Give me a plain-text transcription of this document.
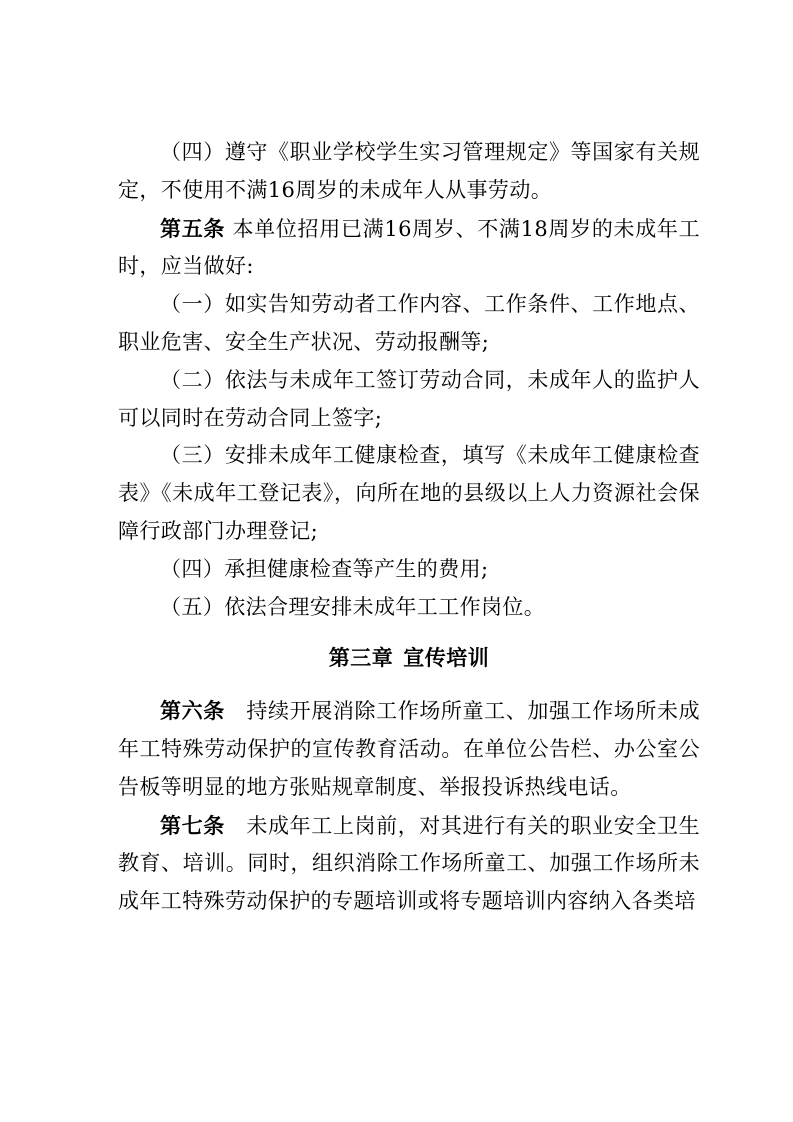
（四）遵守《职业学校学生实习管理规定》等国家有关规定，不使用不满16周岁的未成年人从事劳动。

第五条 本单位招用已满16周岁、不满18周岁的未成年工时，应当做好:

（一）如实告知劳动者工作内容、工作条件、工作地点、职业危害、安全生产状况、劳动报酬等;

（二）依法与未成年工签订劳动合同，未成年人的监护人可以同时在劳动合同上签字;

（三）安排未成年工健康检查，填写《未成年工健康检查表》《未成年工登记表》，向所在地的县级以上人力资源社会保障行政部门办理登记;

（四）承担健康检查等产生的费用;

（五）依法合理安排未成年工工作岗位。

第三章 宣传培训

第六条　持续开展消除工作场所童工、加强工作场所未成年工特殊劳动保护的宣传教育活动。在单位公告栏、办公室公告板等明显的地方张贴规章制度、举报投诉热线电话。

第七条　未成年工上岗前，对其进行有关的职业安全卫生教育、培训。同时，组织消除工作场所童工、加强工作场所未成年工特殊劳动保护的专题培训或将专题培训内容纳入各类培
